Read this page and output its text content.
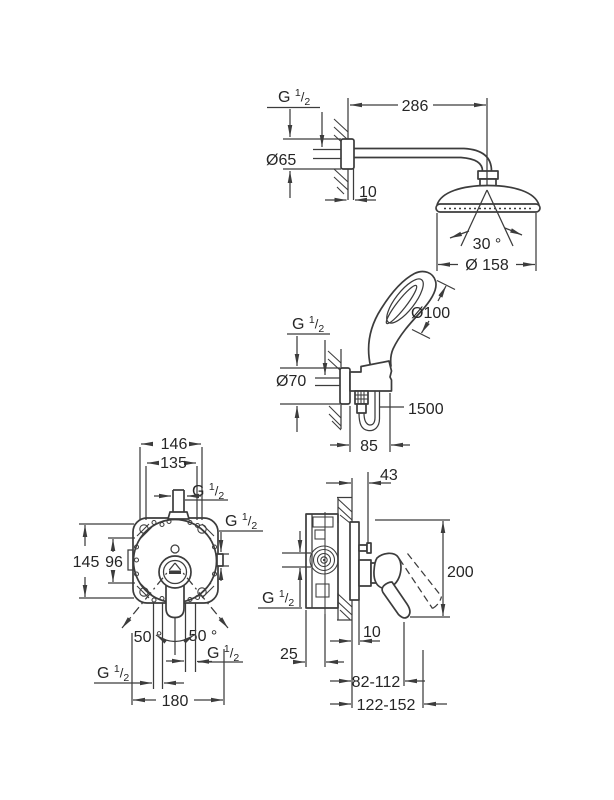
286
G $^1_{/2}$
Ø65
10
30 °
Ø 158
Ø100
G $^1_{/2}$
Ø70
1500
85
146
135
G $^1_{/2}$
G $^1_{/2}$
145 96
50 ° 50 °
G $^1_{/2}$
G $^1_{/2}$
180
43
200
G $^1_{/2}$
10
25
82-112
122-152
